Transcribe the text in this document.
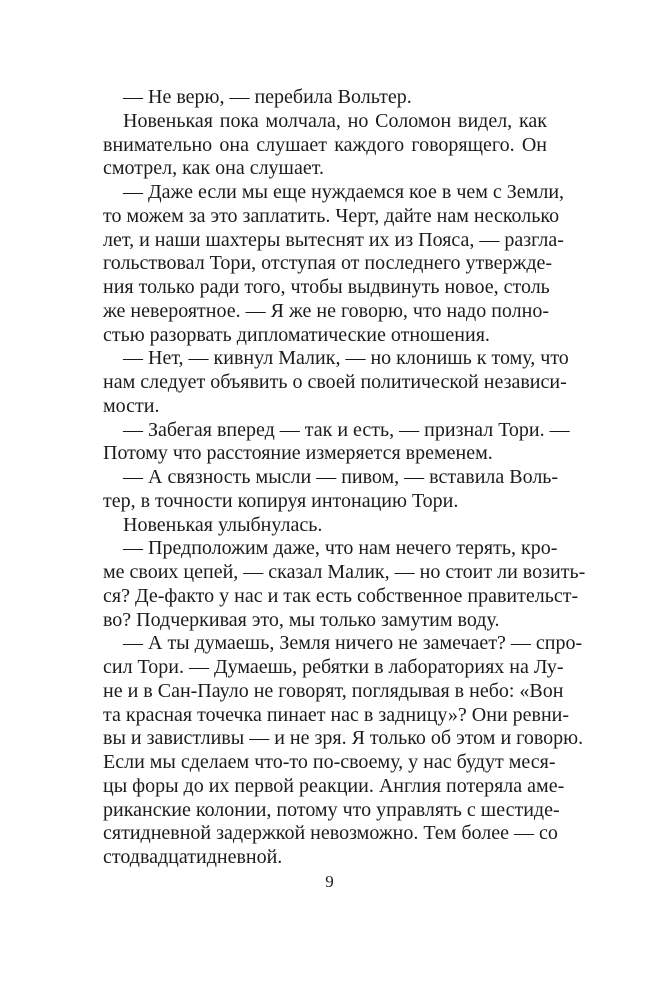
— Не верю, — перебила Вольтер.
Новенькая пока молчала, но Соломон видел, как
внимательно она слушает каждого говорящего. Он
смотрел, как она слушает.
— Даже если мы еще нуждаемся кое в чем с Земли,
то можем за это заплатить. Черт, дайте нам несколько
лет, и наши шахтеры вытеснят их из Пояса, — разгла-
гольствовал Тори, отступая от последнего утвержде-
ния только ради того, чтобы выдвинуть новое, столь
же невероятное. — Я же не говорю, что надо полно-
стью разорвать дипломатические отношения.
— Нет, — кивнул Малик, — но клонишь к тому, что
нам следует объявить о своей политической независи-
мости.
— Забегая вперед — так и есть, — признал Тори. —
Потому что расстояние измеряется временем.
— А связность мысли — пивом, — вставила Воль-
тер, в точности копируя интонацию Тори.
Новенькая улыбнулась.
— Предположим даже, что нам нечего терять, кро-
ме своих цепей, — сказал Малик, — но стоит ли возить-
ся? Де-факто у нас и так есть собственное правительст-
во? Подчеркивая это, мы только замутим воду.
— А ты думаешь, Земля ничего не замечает? — спро-
сил Тори. — Думаешь, ребятки в лабораториях на Лу-
не и в Сан-Пауло не говорят, поглядывая в небо: «Вон
та красная точечка пинает нас в задницу»? Они ревни-
вы и завистливы — и не зря. Я только об этом и говорю.
Если мы сделаем что-то по-своему, у нас будут меся-
цы форы до их первой реакции. Англия потеряла аме-
риканские колонии, потому что управлять с шестиде-
сятидневной задержкой невозможно. Тем более — со
стодвадцатидневной.
9
